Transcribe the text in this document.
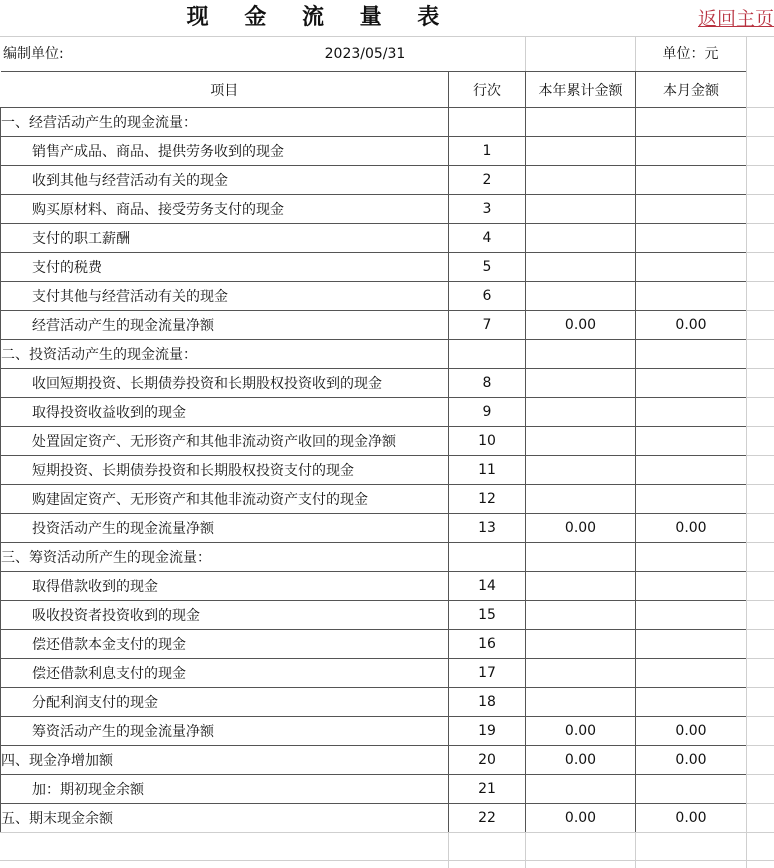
现 金 流 量 表	返回主页
编制单位:	2023/05/31	单位：元
项目	行次	本年累计金额	本月金额
一、经营活动产生的现金流量：			
销售产成品、商品、提供劳务收到的现金	1		
收到其他与经营活动有关的现金	2		
购买原材料、商品、接受劳务支付的现金	3		
支付的职工薪酬	4		
支付的税费	5		
支付其他与经营活动有关的现金	6		
经营活动产生的现金流量净额	7	0.00	0.00
二、投资活动产生的现金流量：			
收回短期投资、长期债券投资和长期股权投资收到的现金	8		
取得投资收益收到的现金	9		
处置固定资产、无形资产和其他非流动资产收回的现金净额	10		
短期投资、长期债券投资和长期股权投资支付的现金	11		
购建固定资产、无形资产和其他非流动资产支付的现金	12		
投资活动产生的现金流量净额	13	0.00	0.00
三、筹资活动所产生的现金流量：			
取得借款收到的现金	14		
吸收投资者投资收到的现金	15		
偿还借款本金支付的现金	16		
偿还借款利息支付的现金	17		
分配利润支付的现金	18		
筹资活动产生的现金流量净额	19	0.00	0.00
四、现金净增加额	20	0.00	0.00
加：期初现金余额	21		
五、期末现金余额	22	0.00	0.00
